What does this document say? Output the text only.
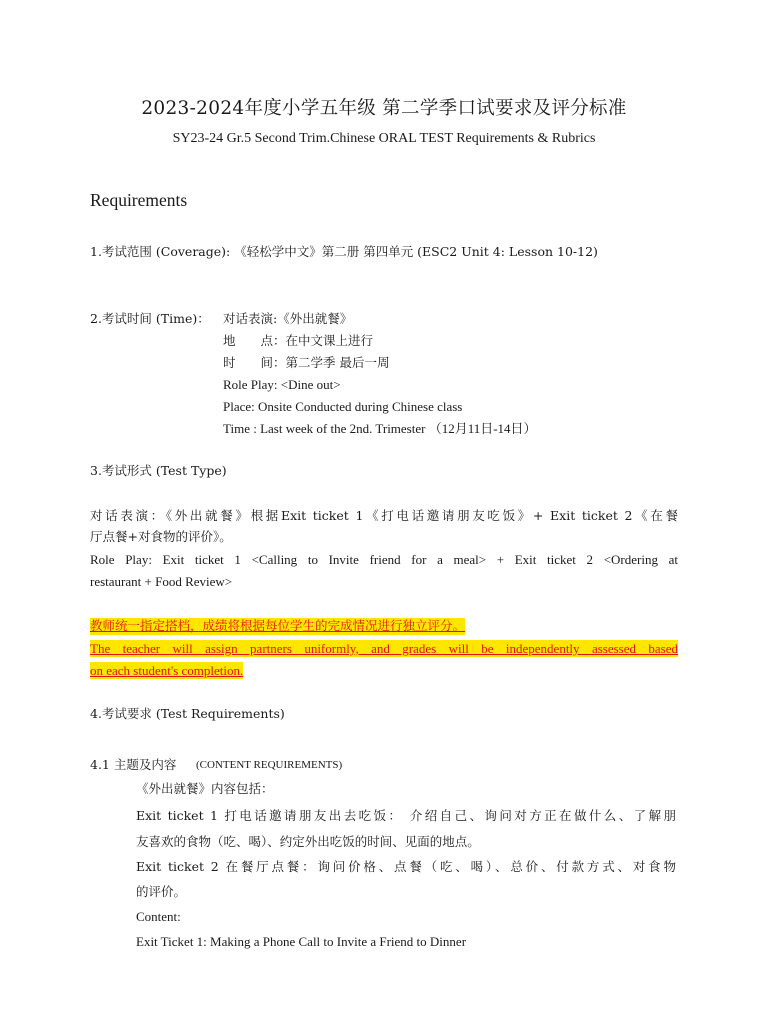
2023-2024年度小学五年级 第二学季口试要求及评分标准
SY23-24 Gr.5 Second Trim.Chinese ORAL TEST Requirements & Rubrics
Requirements
1.考试范围 (Coverage): 《轻松学中文》第二册 第四单元 (ESC2 Unit 4: Lesson 10-12)
2.考试时间 (Time)： 对话表演:《外出就餐》
地　　点：在中文课上进行
时　　间：第二学季 最后一周
Role Play: <Dine out>
Place: Onsite Conducted during Chinese class
Time : Last week of the 2nd. Trimester （12月11日-14日）
3.考试形式 (Test Type)
对话表演：《外出就餐》根据Exit ticket 1《打电话邀请朋友吃饭》+ Exit ticket 2《在餐
厅点餐+对食物的评价》。
Role Play: Exit ticket 1 <Calling to Invite friend for a meal> + Exit ticket 2 <Ordering at
restaurant + Food Review>
教师统一指定搭档，成绩将根据每位学生的完成情况进行独立评分。
The teacher will assign partners uniformly, and grades will be independently assessed based
on each student's completion.
4.考试要求 (Test Requirements)
4.1 主题及内容 (CONTENT REQUIREMENTS)
《外出就餐》内容包括：
Exit ticket 1 打电话邀请朋友出去吃饭： 介绍自己、询问对方正在做什么、了解朋
友喜欢的食物（吃、喝）、约定外出吃饭的时间、见面的地点。
Exit ticket 2 在餐厅点餐：询问价格、点餐（吃、喝）、总价、付款方式、对食物
的评价。
Content:
Exit Ticket 1: Making a Phone Call to Invite a Friend to Dinner
